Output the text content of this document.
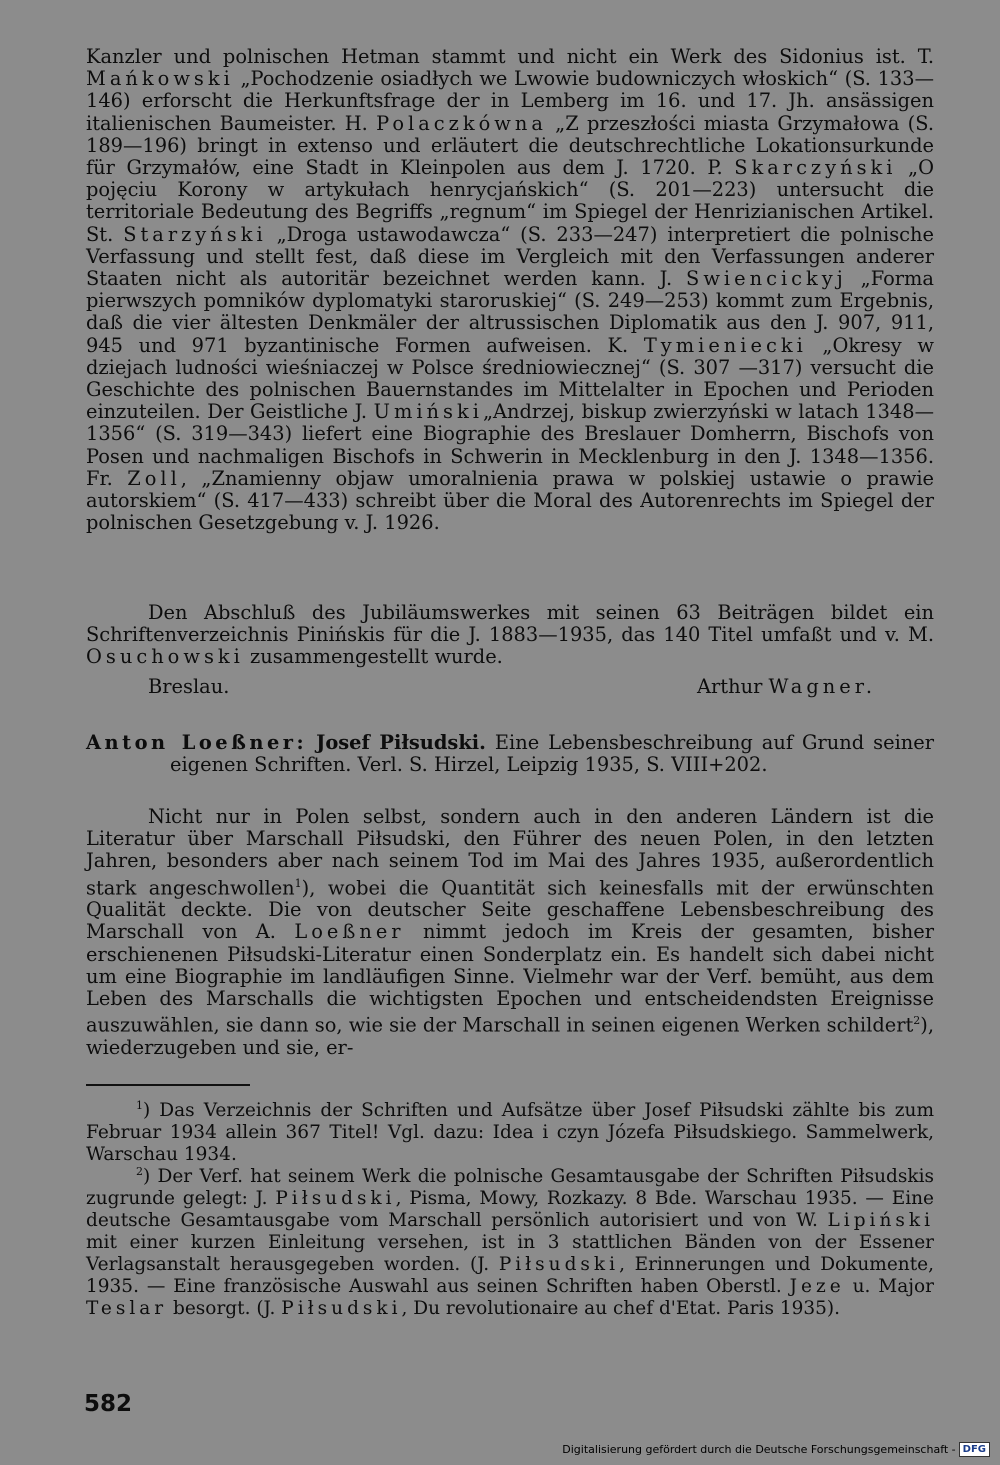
Kanzler und polnischen Hetman stammt und nicht ein Werk des Sidonius ist. T. Mańkowski „Pochodzenie osiadłych we Lwowie budowniczych włoskich“ (S. 133—146) erforscht die Herkunftsfrage der in Lemberg im 16. und 17. Jh. ansässigen italienischen Baumeister. H. Polaczkówna „Z przeszłości miasta Grzymałowa (S. 189—196) bringt in extenso und erläutert die deutschrechtliche Lokationsurkunde für Grzymałów, eine Stadt in Kleinpolen aus dem J. 1720. P. Skarczyński „O pojęciu Korony w artykułach henrycjańskich“ (S. 201—223) untersucht die territoriale Bedeutung des Begriffs „regnum“ im Spiegel der Henrizianischen Artikel. St. Starzyński „Droga ustawodawcza“ (S. 233—247) interpretiert die polnische Verfassung und stellt fest, daß diese im Vergleich mit den Verfassungen anderer Staaten nicht als autoritär bezeichnet werden kann. J. Swiencickyj „Forma pierwszych pomników dyplomatyki staroruskiej“ (S. 249—253) kommt zum Ergebnis, daß die vier ältesten Denkmäler der altrussischen Diplomatik aus den J. 907, 911, 945 und 971 byzantinische Formen aufweisen. K. Tymieniecki „Okresy w dziejach ludności wieśniaczej w Polsce średniowiecznej“ (S. 307 —317) versucht die Geschichte des polnischen Bauernstandes im Mittelalter in Epochen und Perioden einzuteilen. Der Geistliche J. Umiński„Andrzej, biskup zwierzyński w latach 1348—1356“ (S. 319—343) liefert eine Biographie des Breslauer Domherrn, Bischofs von Posen und nachmaligen Bischofs in Schwerin in Mecklenburg in den J. 1348—1356. Fr. Zoll, „Znamienny objaw umoralnienia prawa w polskiej ustawie o prawie autorskiem“ (S. 417—433) schreibt über die Moral des Autorenrechts im Spiegel der polnischen Gesetzgebung v. J. 1926.

Den Abschluß des Jubiläumswerkes mit seinen 63 Beiträgen bildet ein Schriftenverzeichnis Pinińskis für die J. 1883—1935, das 140 Titel umfaßt und v. M. Osuchowski zusammengestellt wurde.

Breslau.	Arthur Wagner.
Anton Loeßner: Josef Piłsudski. Eine Lebensbeschreibung auf Grund seiner eigenen Schriften. Verl. S. Hirzel, Leipzig 1935, S. VIII+202.

Nicht nur in Polen selbst, sondern auch in den anderen Ländern ist die Literatur über Marschall Piłsudski, den Führer des neuen Polen, in den letzten Jahren, besonders aber nach seinem Tod im Mai des Jahres 1935, außerordentlich stark angeschwollen$^1$), wobei die Quantität sich keinesfalls mit der erwünschten Qualität deckte. Die von deutscher Seite geschaffene Lebensbeschreibung des Marschall von A. Loeßner nimmt jedoch im Kreis der gesamten, bisher erschienenen Piłsudski-Literatur einen Sonderplatz ein. Es handelt sich dabei nicht um eine Biographie im landläufigen Sinne. Vielmehr war der Verf. bemüht, aus dem Leben des Marschalls die wichtigsten Epochen und entscheidendsten Ereignisse auszuwählen, sie dann so, wie sie der Marschall in seinen eigenen Werken schildert$^2$), wiederzugeben und sie, er-

$^1$) Das Verzeichnis der Schriften und Aufsätze über Josef Piłsudski zählte bis zum Februar 1934 allein 367 Titel! Vgl. dazu: Idea i czyn Józefa Piłsudskiego. Sammelwerk, Warschau 1934.

$^2$) Der Verf. hat seinem Werk die polnische Gesamtausgabe der Schriften Piłsudskis zugrunde gelegt: J. Piłsudski, Pisma, Mowy, Rozkazy. 8 Bde. Warschau 1935. — Eine deutsche Gesamtausgabe vom Marschall persönlich autorisiert und von W. Lipiński mit einer kurzen Einleitung versehen, ist in 3 stattlichen Bänden von der Essener Verlagsanstalt herausgegeben worden. (J. Piłsudski, Erinnerungen und Dokumente, 1935. — Eine französische Auswahl aus seinen Schriften haben Oberstl. Jeze u. Major Teslar besorgt. (J. Piłsudski, Du revolutionaire au chef d'Etat. Paris 1935).

582
Digitalisierung gefördert durch die Deutsche Forschungsgemeinschaft - DFG
